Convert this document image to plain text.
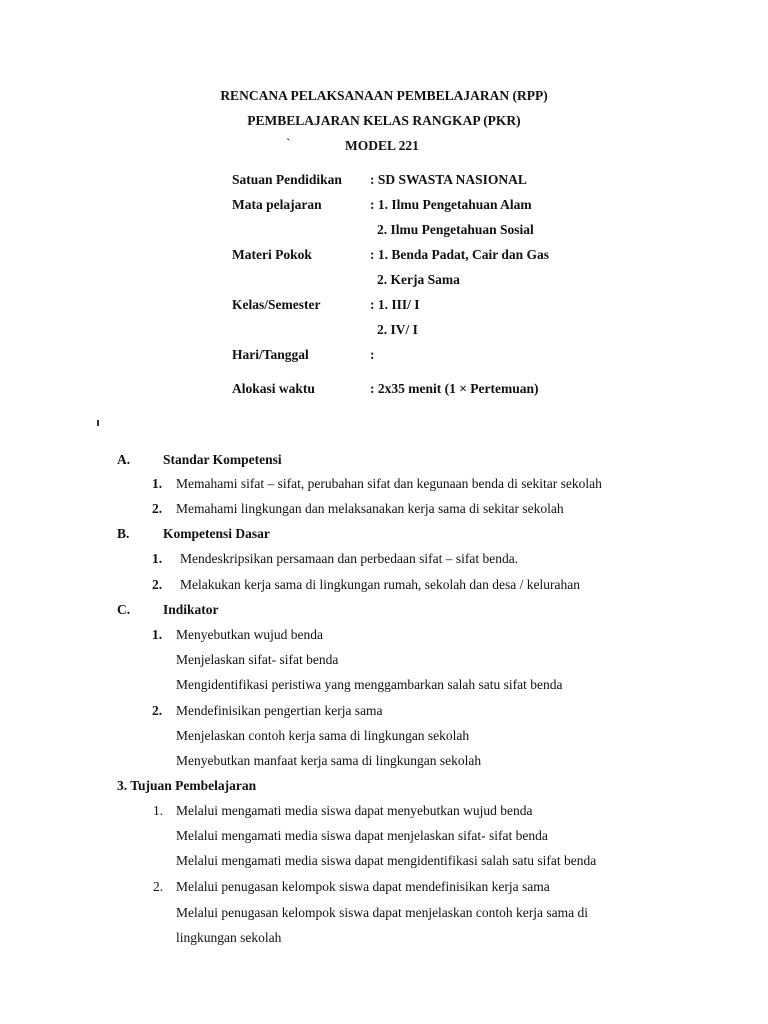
RENCANA PELAKSANAAN PEMBELAJARAN (RPP)
PEMBELAJARAN KELAS RANGKAP (PKR)
`	MODEL 221
Satuan Pendidikan : SD SWASTA NASIONAL
Mata pelajaran	: 1. Ilmu Pengetahuan Alam
2. Ilmu Pengetahuan Sosial
Materi Pokok	: 1. Benda Padat, Cair dan Gas
2. Kerja Sama
Kelas/Semester	: 1. III/ I
2. IV/ I
Hari/Tanggal	:
Alokasi waktu	: 2x35 menit (1 × Pertemuan)
A. Standar Kompetensi
1. Memahami sifat – sifat, perubahan sifat dan kegunaan benda di sekitar sekolah
2. Memahami lingkungan dan melaksanakan kerja sama di sekitar sekolah
B. Kompetensi Dasar
1. Mendeskripsikan persamaan dan perbedaan sifat – sifat benda.
2. Melakukan kerja sama di lingkungan rumah, sekolah dan desa / kelurahan
C. Indikator
1. Menyebutkan wujud benda
Menjelaskan sifat- sifat benda
Mengidentifikasi peristiwa yang menggambarkan salah satu sifat benda
2. Mendefinisikan pengertian kerja sama
Menjelaskan contoh kerja sama di lingkungan sekolah
Menyebutkan manfaat kerja sama di lingkungan sekolah
3. Tujuan Pembelajaran
1. Melalui mengamati media siswa dapat menyebutkan wujud benda
Melalui mengamati media siswa dapat menjelaskan sifat- sifat benda
Melalui mengamati media siswa dapat mengidentifikasi salah satu sifat benda
2. Melalui penugasan kelompok siswa dapat mendefinisikan kerja sama
Melalui penugasan kelompok siswa dapat menjelaskan contoh kerja sama di
lingkungan sekolah
